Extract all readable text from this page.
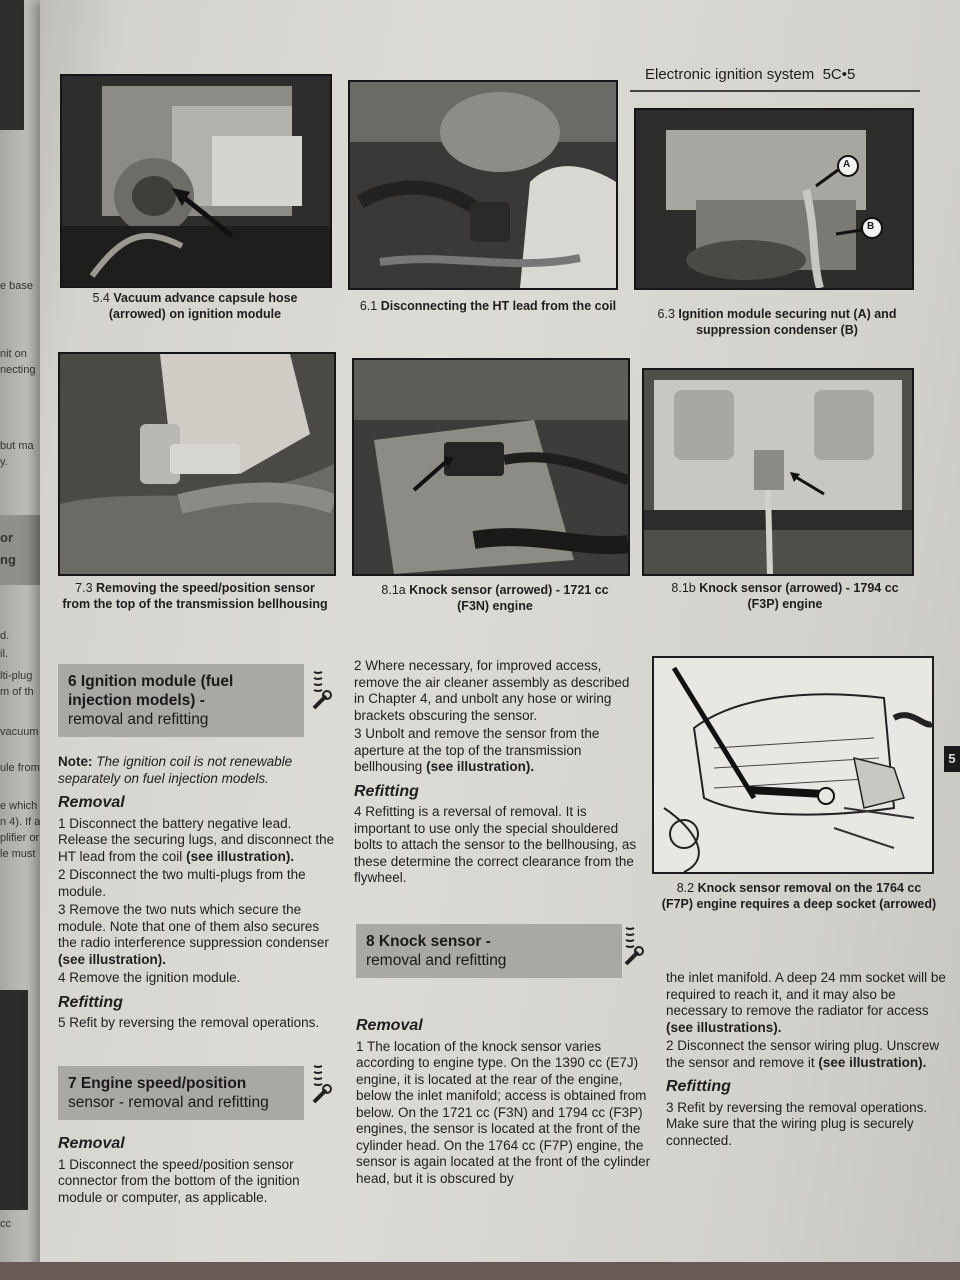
e base
nit on
necting
but ma
y.
or
ng
d.
il.
lti-plug
m of th
vacuum
ule from
e which
n 4). If a
plifier or
le must
cc
Electronic ignition system 5C•5
A
B
5.4 Vacuum advance capsule hose (arrowed) on ignition module
6.1 Disconnecting the HT lead from the coil
6.3 Ignition module securing nut (A) and suppression condenser (B)
7.3 Removing the speed/position sensor from the top of the transmission bellhousing
8.1a Knock sensor (arrowed) - 1721 cc (F3N) engine
8.1b Knock sensor (arrowed) - 1794 cc (F3P) engine
6 Ignition module (fuel injection models) -
removal and refitting

Note: The ignition coil is not renewable separately on fuel injection models.

Removal

1 Disconnect the battery negative lead. Release the securing lugs, and disconnect the HT lead from the coil (see illustration).

2 Disconnect the two multi-plugs from the module.

3 Remove the two nuts which secure the module. Note that one of them also secures the radio interference suppression condenser (see illustration).

4 Remove the ignition module.

Refitting

5 Refit by reversing the removal operations.

7 Engine speed/position
sensor - removal and refitting
Removal

1 Disconnect the speed/position sensor connector from the bottom of the ignition module or computer, as applicable.

2 Where necessary, for improved access, remove the air cleaner assembly as described in Chapter 4, and unbolt any hose or wiring brackets obscuring the sensor.

3 Unbolt and remove the sensor from the aperture at the top of the transmission bellhousing (see illustration).

Refitting

4 Refitting is a reversal of removal. It is important to use only the special shouldered bolts to attach the sensor to the bellhousing, as these determine the correct clearance from the flywheel.

8 Knock sensor -
removal and refitting
Removal

1 The location of the knock sensor varies according to engine type. On the 1390 cc (E7J) engine, it is located at the rear of the engine, below the inlet manifold; access is obtained from below. On the 1721 cc (F3N) and 1794 cc (F3P) engines, the sensor is located at the front of the cylinder head. On the 1764 cc (F7P) engine, the sensor is again located at the front of the cylinder head, but it is obscured by

8.2 Knock sensor removal on the 1764 cc (F7P) engine requires a deep socket (arrowed)

the inlet manifold. A deep 24 mm socket will be required to reach it, and it may also be necessary to remove the radiator for access (see illustrations).

2 Disconnect the sensor wiring plug. Unscrew the sensor and remove it (see illustration).

Refitting

3 Refit by reversing the removal operations. Make sure that the wiring plug is securely connected.

5
